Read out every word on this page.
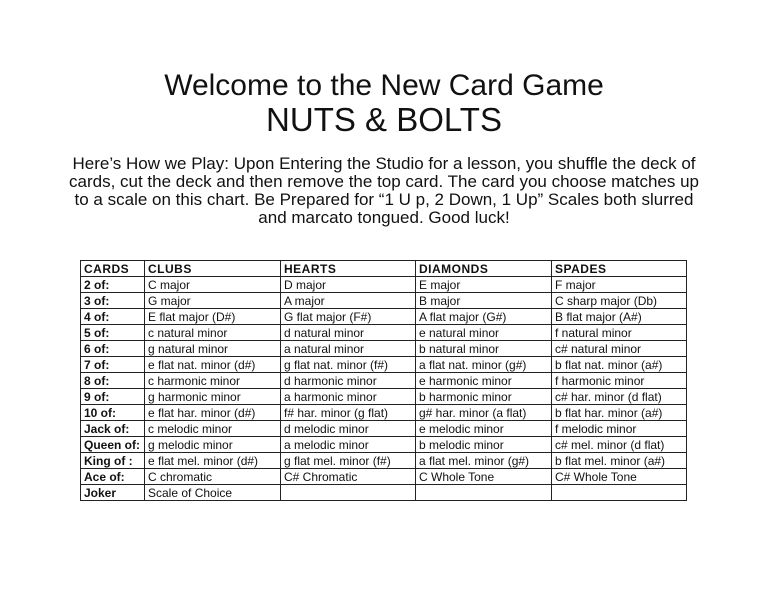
Welcome to the New Card Game
NUTS & BOLTS
Here’s How we Play: Upon Entering the Studio for a lesson, you shuffle the deck of cards, cut the deck and then remove the top card. The card you choose matches up to a scale on this chart. Be Prepared for “1 U p, 2 Down, 1 Up” Scales both slurred and marcato tongued. Good luck!
CARDS	CLUBS	HEARTS	DIAMONDS	SPADES
2 of:	C major	D major	E major	F major
3 of:	G major	A major	B major	C sharp major (Db)
4 of:	E flat major (D#)	G flat major (F#)	A flat major (G#)	B flat major (A#)
5 of:	c natural minor	d natural minor	e natural minor	f natural minor
6 of:	g natural minor	a natural minor	b natural minor	c# natural minor
7 of:	e flat nat. minor (d#)	g flat nat. minor (f#)	a flat nat. minor (g#)	b flat nat. minor (a#)
8 of:	c harmonic minor	d harmonic minor	e harmonic minor	f harmonic minor
9 of:	g harmonic minor	a harmonic minor	b harmonic minor	c# har. minor (d flat)
10 of:	e flat har. minor (d#)	f# har. minor (g flat)	g# har. minor (a flat)	b flat har. minor (a#)
Jack of:	c melodic minor	d melodic minor	e melodic minor	f melodic minor
Queen of:	g melodic minor	a melodic minor	b melodic minor	c# mel. minor (d flat)
King of :	e flat mel. minor (d#)	g flat mel. minor (f#)	a flat mel. minor (g#)	b flat mel. minor (a#)
Ace of:	C chromatic	C# Chromatic	C Whole Tone	C# Whole Tone
Joker	Scale of Choice			
